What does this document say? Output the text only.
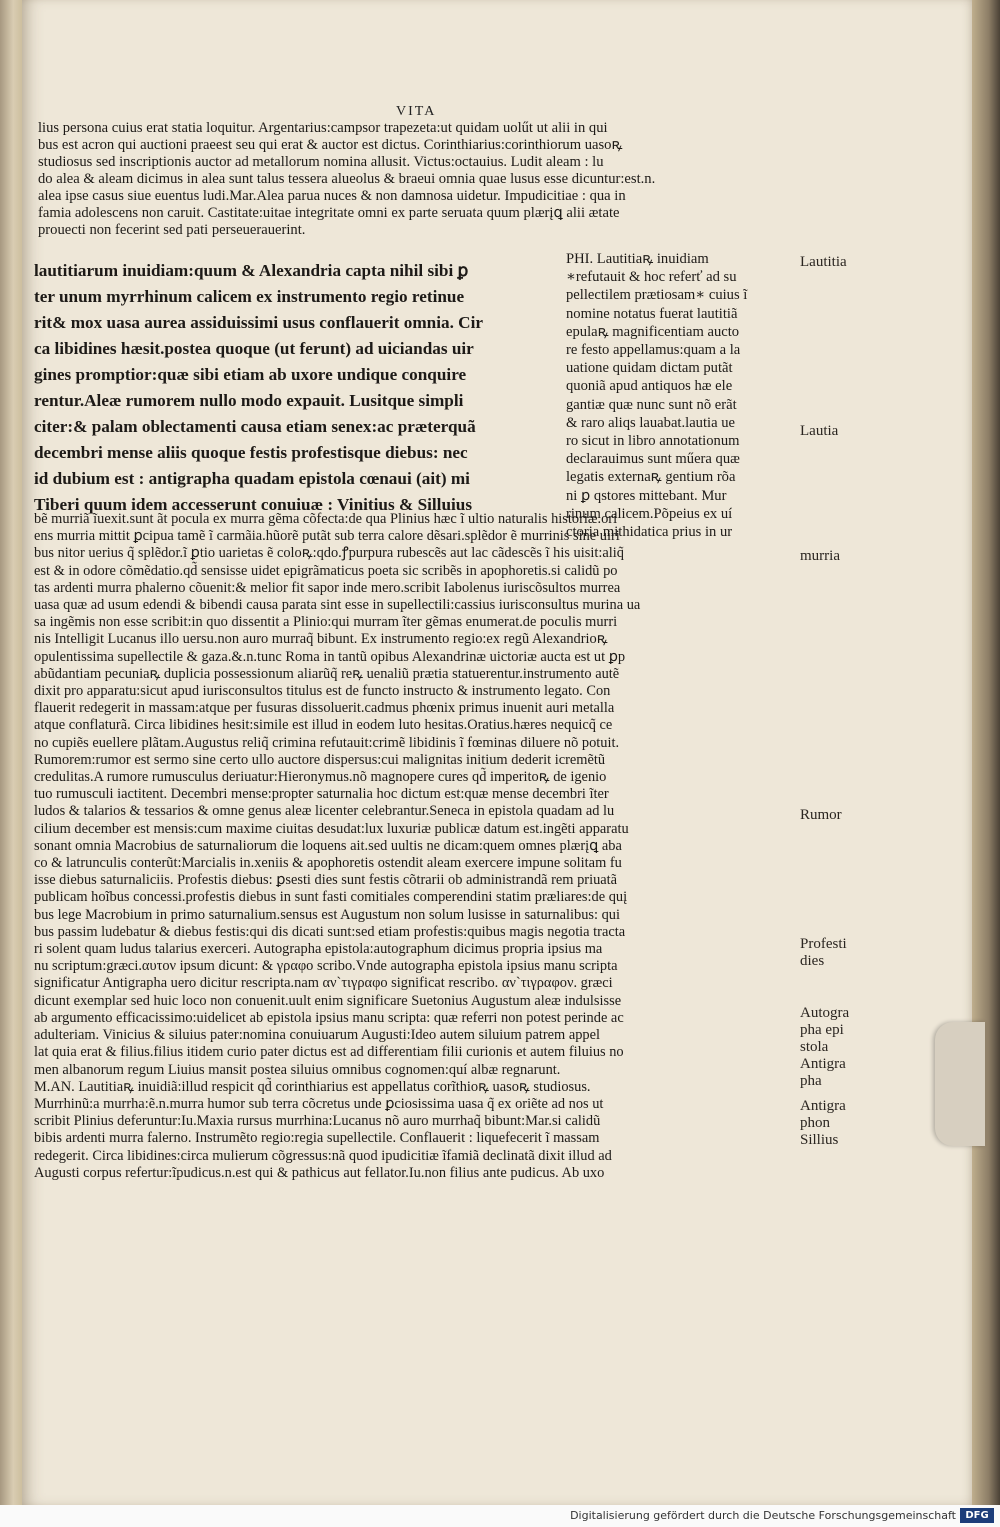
VITA

lius persona cuius erat statia loquitur. Argentarius:campsor trapezeta:ut quidam uolűt ut alii in qui

bus est acron qui auctioni praeest seu qui erat & auctor est dictus. Corinthiarius:corinthiorum uasoꝶ

studiosus sed inscriptionis auctor ad metallorum nomina allusit. Victus:octauius. Ludit aleam : lu

do alea & aleam dicimus in alea sunt talus tessera alueolus & braeui omnia quae lusus esse dicuntur:est.n.

alea ipse casus siue euentus ludi.Mar.Alea parua nuces & non damnosa uidetur. Impudicitiae : qua in

famia adolescens non caruit. Castitate:uitae integritate omni ex parte seruata quum plærįꝗ alii ætate

prouecti non fecerint sed pati perseuerauerint.

lautitiarum inuidiam:quum & Alexandria capta nihil sibi ꝑ

ter unum myrrhinum calicem ex instrumento regio retinue

rit& mox uasa aurea assiduissimi usus conflauerit omnia. Cir

ca libidines hæsit.postea quoque (ut ferunt) ad uiciandas uir

gines promptior:quæ sibi etiam ab uxore undique conquire

rentur.Aleæ rumorem nullo modo expauit. Lusitque simpli

citer:& palam oblectamenti causa etiam senex:ac præterquã

decembri mense aliis quoque festis profestisque diebus: nec

id dubium est : antigrapha quadam epistola cœnaui (ait) mi

Tiberi quum idem accesserunt conuiuæ : Vinitius & Silluius

PHI. Lautitiaꝶ inuidiam

∗refutauit & hoc referť ad su

pellectilem prætiosam∗ cuius ĩ

nomine notatus fuerat lautitiã

epulaꝶ magnificentiam aucto

re festo appellamus:quam a la

uatione quidam dictam putãt

quoniã apud antiquos hæ ele

gantiæ quæ nunc sunt nõ erãt

& raro aliqs lauabat.lautia ue

ro sicut in libro annotationum

declarauimus sunt műera quæ

legatis externaꝶ gentium rõa

ni ꝑ qstores mittebant. Mur

rinum calicem.Põpeius ex uí

ctoria mithidatica prius in ur

bẽ murriã ĩuexit.sunt ãt pocula ex murra gẽma cõfecta:de qua Plinius hæc ĩ ultio naturalis historiæ.ori

ens murria mittit ꝑcipua tamẽ ĩ carmãia.hũorẽ putãt sub terra calore dẽsari.splẽdor ẽ murrinis sine uiri

bus nitor uerius q̃ splẽdor.ĩ ꝑtio uarietas ẽ coloꝶ:qdo.ꝭpurpura rubescẽs aut lac cãdescẽs ĩ his uisit:aliq̃

est & in odore cõmẽdatio.qd̃ sensisse uidet epigrãmaticus poeta sic scribẽs in apophoretis.si calidũ po

tas ardenti murra phalerno cõuenit:& melior fit sapor inde mero.scribit Iabolenus iuriscõsultos murrea

uasa quæ ad usum edendi & bibendi causa parata sint esse in supellectili:cassius iurisconsultus murina ua

sa ingẽmis non esse scribit:in quo dissentit a Plinio:qui murram ĩter gẽmas enumerat.de poculis murri

nis Intelligit Lucanus illo uersu.non auro murraq̃ bibunt. Ex instrumento regio:ex regũ Alexandrioꝶ

opulentissima supellectile & gaza.&.n.tunc Roma in tantũ opibus Alexandrinæ uictoriæ aucta est ut ꝑp

abũdantiam pecuniaꝶ duplicia possessionum aliarũq̃ reꝶ uenaliũ prætia statuerentur.instrumento autẽ

dixit pro apparatu:sicut apud iurisconsultos titulus est de functo instructo & instrumento legato. Con

flauerit redegerit in massam:atque per fusuras dissoluerit.cadmus phœnix primus inuenit auri metalla

atque conflaturã. Circa libidines hesit:simile est illud in eodem luto hesitas.Oratius.hæres nequicq̃ ce

no cupiẽs euellere plãtam.Augustus reliq̃ crimina refutauit:crimẽ libidinis ĩ fœminas diluere nõ potuit.

Rumorem:rumor est sermo sine certo ullo auctore dispersus:cui malignitas initium dederit icremẽtũ

credulitas.A rumore rumusculus deriuatur:Hieronymus.nõ magnopere cures qd̃ imperitoꝶ de igenio

tuo rumusculi iactitent. Decembri mense:propter saturnalia hoc dictum est:quæ mense decembri ĩter

ludos & talarios & tessarios & omne genus aleæ licenter celebrantur.Seneca in epistola quadam ad lu

cilium december est mensis:cum maxime ciuitas desudat:lux luxuriæ publicæ datum est.ingẽti apparatu

sonant omnia Macrobius de saturnaliorum die loquens ait.sed uultis ne dicam:quem omnes plærįꝗ aba

co & latrunculis conterũt:Marcialis in.xeniis & apophoretis ostendit aleam exercere impune solitam fu

isse diebus saturnaliciis. Profestis diebus: ꝑsesti dies sunt festis cõtrarii ob administrandã rem priuatã

publicam hoĩbus concessi.profestis diebus in sunt fasti comitiales comperendini statim præliares:de quį

bus lege Macrobium in primo saturnalium.sensus est Augustum non solum lusisse in saturnalibus: qui

bus passim ludebatur & diebus festis:qui dis dicati sunt:sed etiam profestis:quibus magis negotia tracta

ri solent quam ludus talarius exerceri. Autographa epistola:autographum dicimus propria ipsius ma

nu scriptum:græci.αυτον ipsum dicunt: & γραφο scribo.Vnde autographa epistola ipsius manu scripta

significatur Antigrapha uero dicitur rescripta.nam αν`τιγραφο significat rescribo. αν`τιγραφον. græci

dicunt exemplar sed huic loco non conuenit.uult enim significare Suetonius Augustum aleæ indulsisse

ab argumento efficacissimo:uidelicet ab epistola ipsius manu scripta: quæ referri non potest perinde ac

adulteriam. Vinicius & siluius pater:nomina conuiuarum Augusti:Ideo autem siluium patrem appel

lat quia erat & filius.filius itidem curio pater dictus est ad differentiam filii curionis et autem filuius no

men albanorum regum Liuius mansit postea siluius omnibus cognomen:quí albæ regnarunt.

M.AN. Lautitiaꝶ inuidiã:illud respicit qd̃ corinthiarius est appellatus corĩthioꝶ uasoꝶ studiosus.

Murrhinũ:a murrha:ẽ.n.murra humor sub terra cõcretus unde ꝑciosissima uasa q̃ ex oriẽte ad nos ut

scribit Plinius deferuntur:Iu.Maxia rursus murrhina:Lucanus nõ auro murrhaq̃ bibunt:Mar.si calidũ

bibis ardenti murra falerno. Instrumẽto regio:regia supellectile. Conflauerit : liquefecerit ĩ massam

redegerit. Circa libidines:circa mulierum cõgressus:nã quod ipudicitiæ ĩfamiã declinatã dixit illud ad

Augusti corpus refertur:ĩpudicus.n.est qui & pathicus aut fellator.Iu.non filius ante pudicus. Ab uxo

Lautitia
Lautia
murria
Rumor
Profesti
dies
Autogra
pha epi
stola
Antigra
pha
Antigra
phon
Sillius
Digitalisierung gefördert durch die Deutsche Forschungsgemeinschaft DFG
